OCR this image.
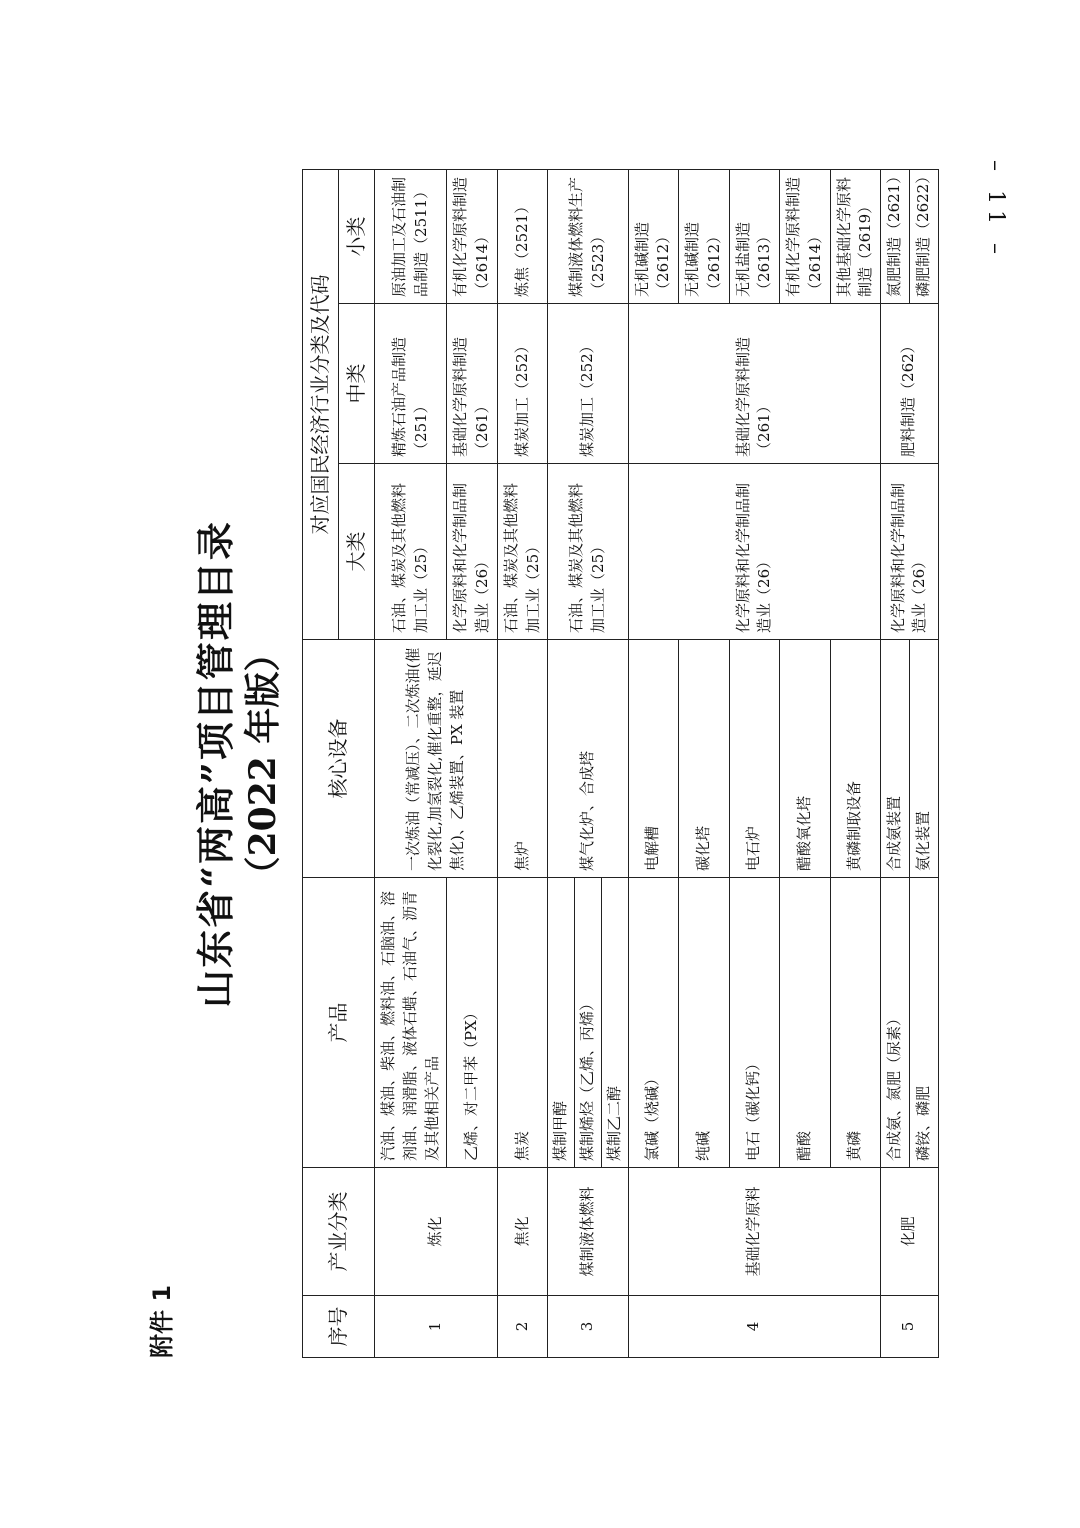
– 11 –
附件 1
山东省“两高”项目管理目录 （2022 年版）
序号	产业分类	产品	核心设备	对应国民经济行业分类及代码		
				大类	中类	小类
1	炼化	汽油、煤油、柴油、燃料油、石脑油、溶剂油、润滑脂、液体石蜡、石油气、沥青及其他相关产品	一次炼油（常减压）、二次炼油(催化裂化,加氢裂化,催化重整，延迟焦化)、乙烯装置、PX 装置	石油、煤炭及其他燃料加工业（25）	精炼石油产品制造（251）	原油加工及石油制品制造（2511）
		乙烯、对二甲苯（PX）		化学原料和化学制品制造业（26）	基础化学原料制造（261）	有机化学原料制造（2614）
2	焦化	焦炭	焦炉	石油、煤炭及其他燃料加工业（25）	煤炭加工（252）	炼焦（2521）
3	煤制液体燃料	煤制甲醇 煤制烯烃（乙烯、丙烯） 煤制乙二醇	煤气化炉、合成塔	石油、煤炭及其他燃料加工业（25）	煤炭加工（252）	煤制液体燃料生产（2523）
4	基础化学原料	氯碱（烧碱）	电解槽	化学原料和化学制品制造业（26）	基础化学原料制造（261）	无机碱制造（2612）
		纯碱	碳化塔			无机碱制造（2612）
		电石（碳化钙）	电石炉			无机盐制造（2613）
		醋酸	醋酸氧化塔			有机化学原料制造（2614）
		黄磷	黄磷制取设备			其他基础化学原料制造（2619）
5	化肥	合成氨、氮肥（尿素）	合成氨装置	化学原料和化学制品制造业（26）	肥料制造（262）	氮肥制造（2621）
		磷铵、磷肥	氨化装置			磷肥制造（2622）
